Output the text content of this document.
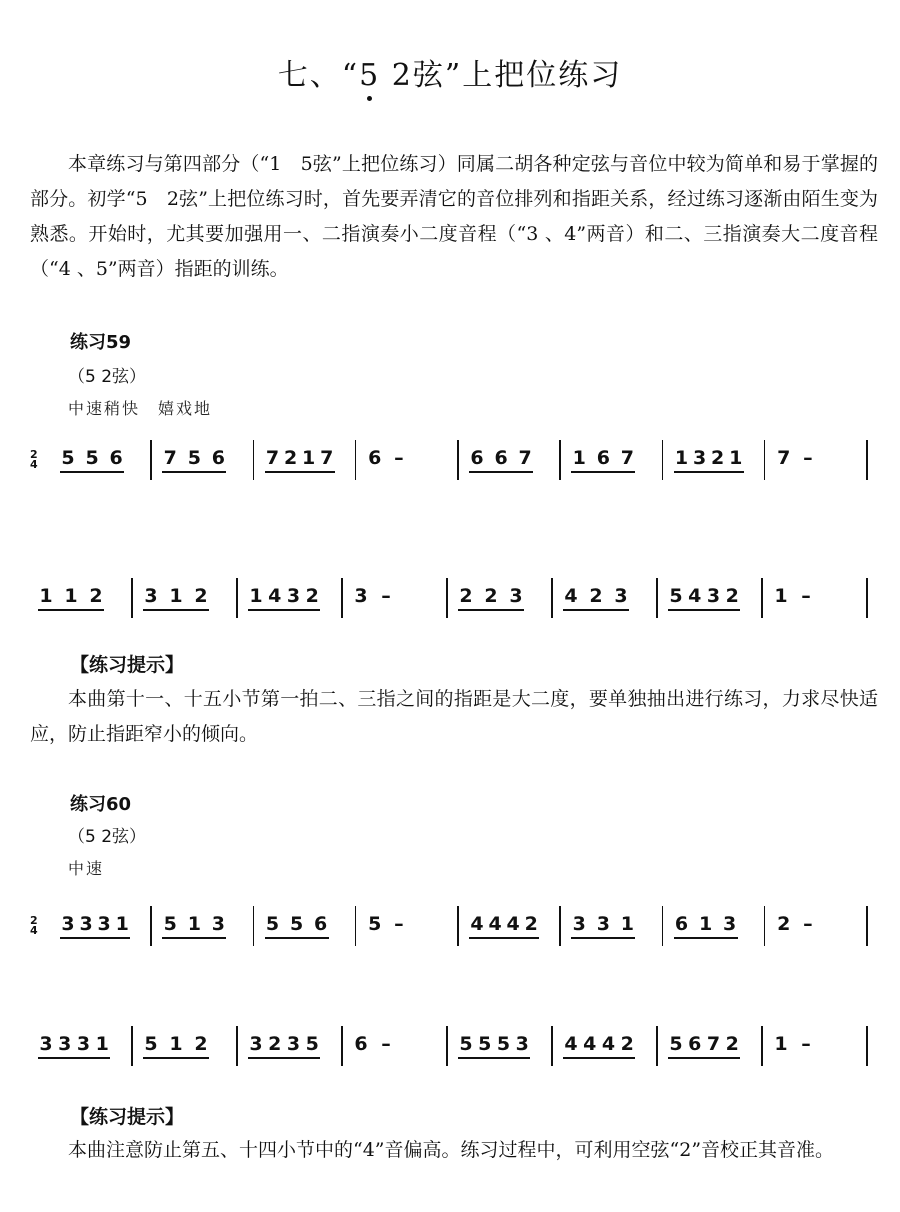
七、“5 2弦”上把位练习
本章练习与第四部分（“1　5弦”上把位练习）同属二胡各种定弦与音位中较为简单和易于掌握的部分。初学“5　2弦”上把位练习时，首先要弄清它的音位排列和指距关系，经过练习逐渐由陌生变为熟悉。开始时，尤其要加强用一、二指演奏小二度音程（“3 、4”两音）和二、三指演奏大二度音程（“4 、5”两音）指距的训练。
练习59
（5 2弦）
中速稍快　嬉戏地
2
4 5 5 6 7 5 6 7 2 1 7 6 –	6 6 7 1 6 7 1 3 2 1 7 –
1 1 2 3 1 2 1 4 3 2 3 –	2 2 3 4 2 3 5 4 3 2 1 –
【练习提示】
本曲第十一、十五小节第一拍二、三指之间的指距是大二度，要单独抽出进行练习，力求尽快适应，防止指距窄小的倾向。
练习60
（5 2弦）
中速
2
4 3 3 3 1 5 1 3 5 5 6 5 –	4 4 4 2 3 3 1 6 1 3 2 –
3 3 3 1 5 1 2 3 2 3 5 6 –	5 5 5 3 4 4 4 2 5 6 7 2 1 –
【练习提示】
本曲注意防止第五、十四小节中的“4”音偏高。练习过程中，可利用空弦“2”音校正其音准。
